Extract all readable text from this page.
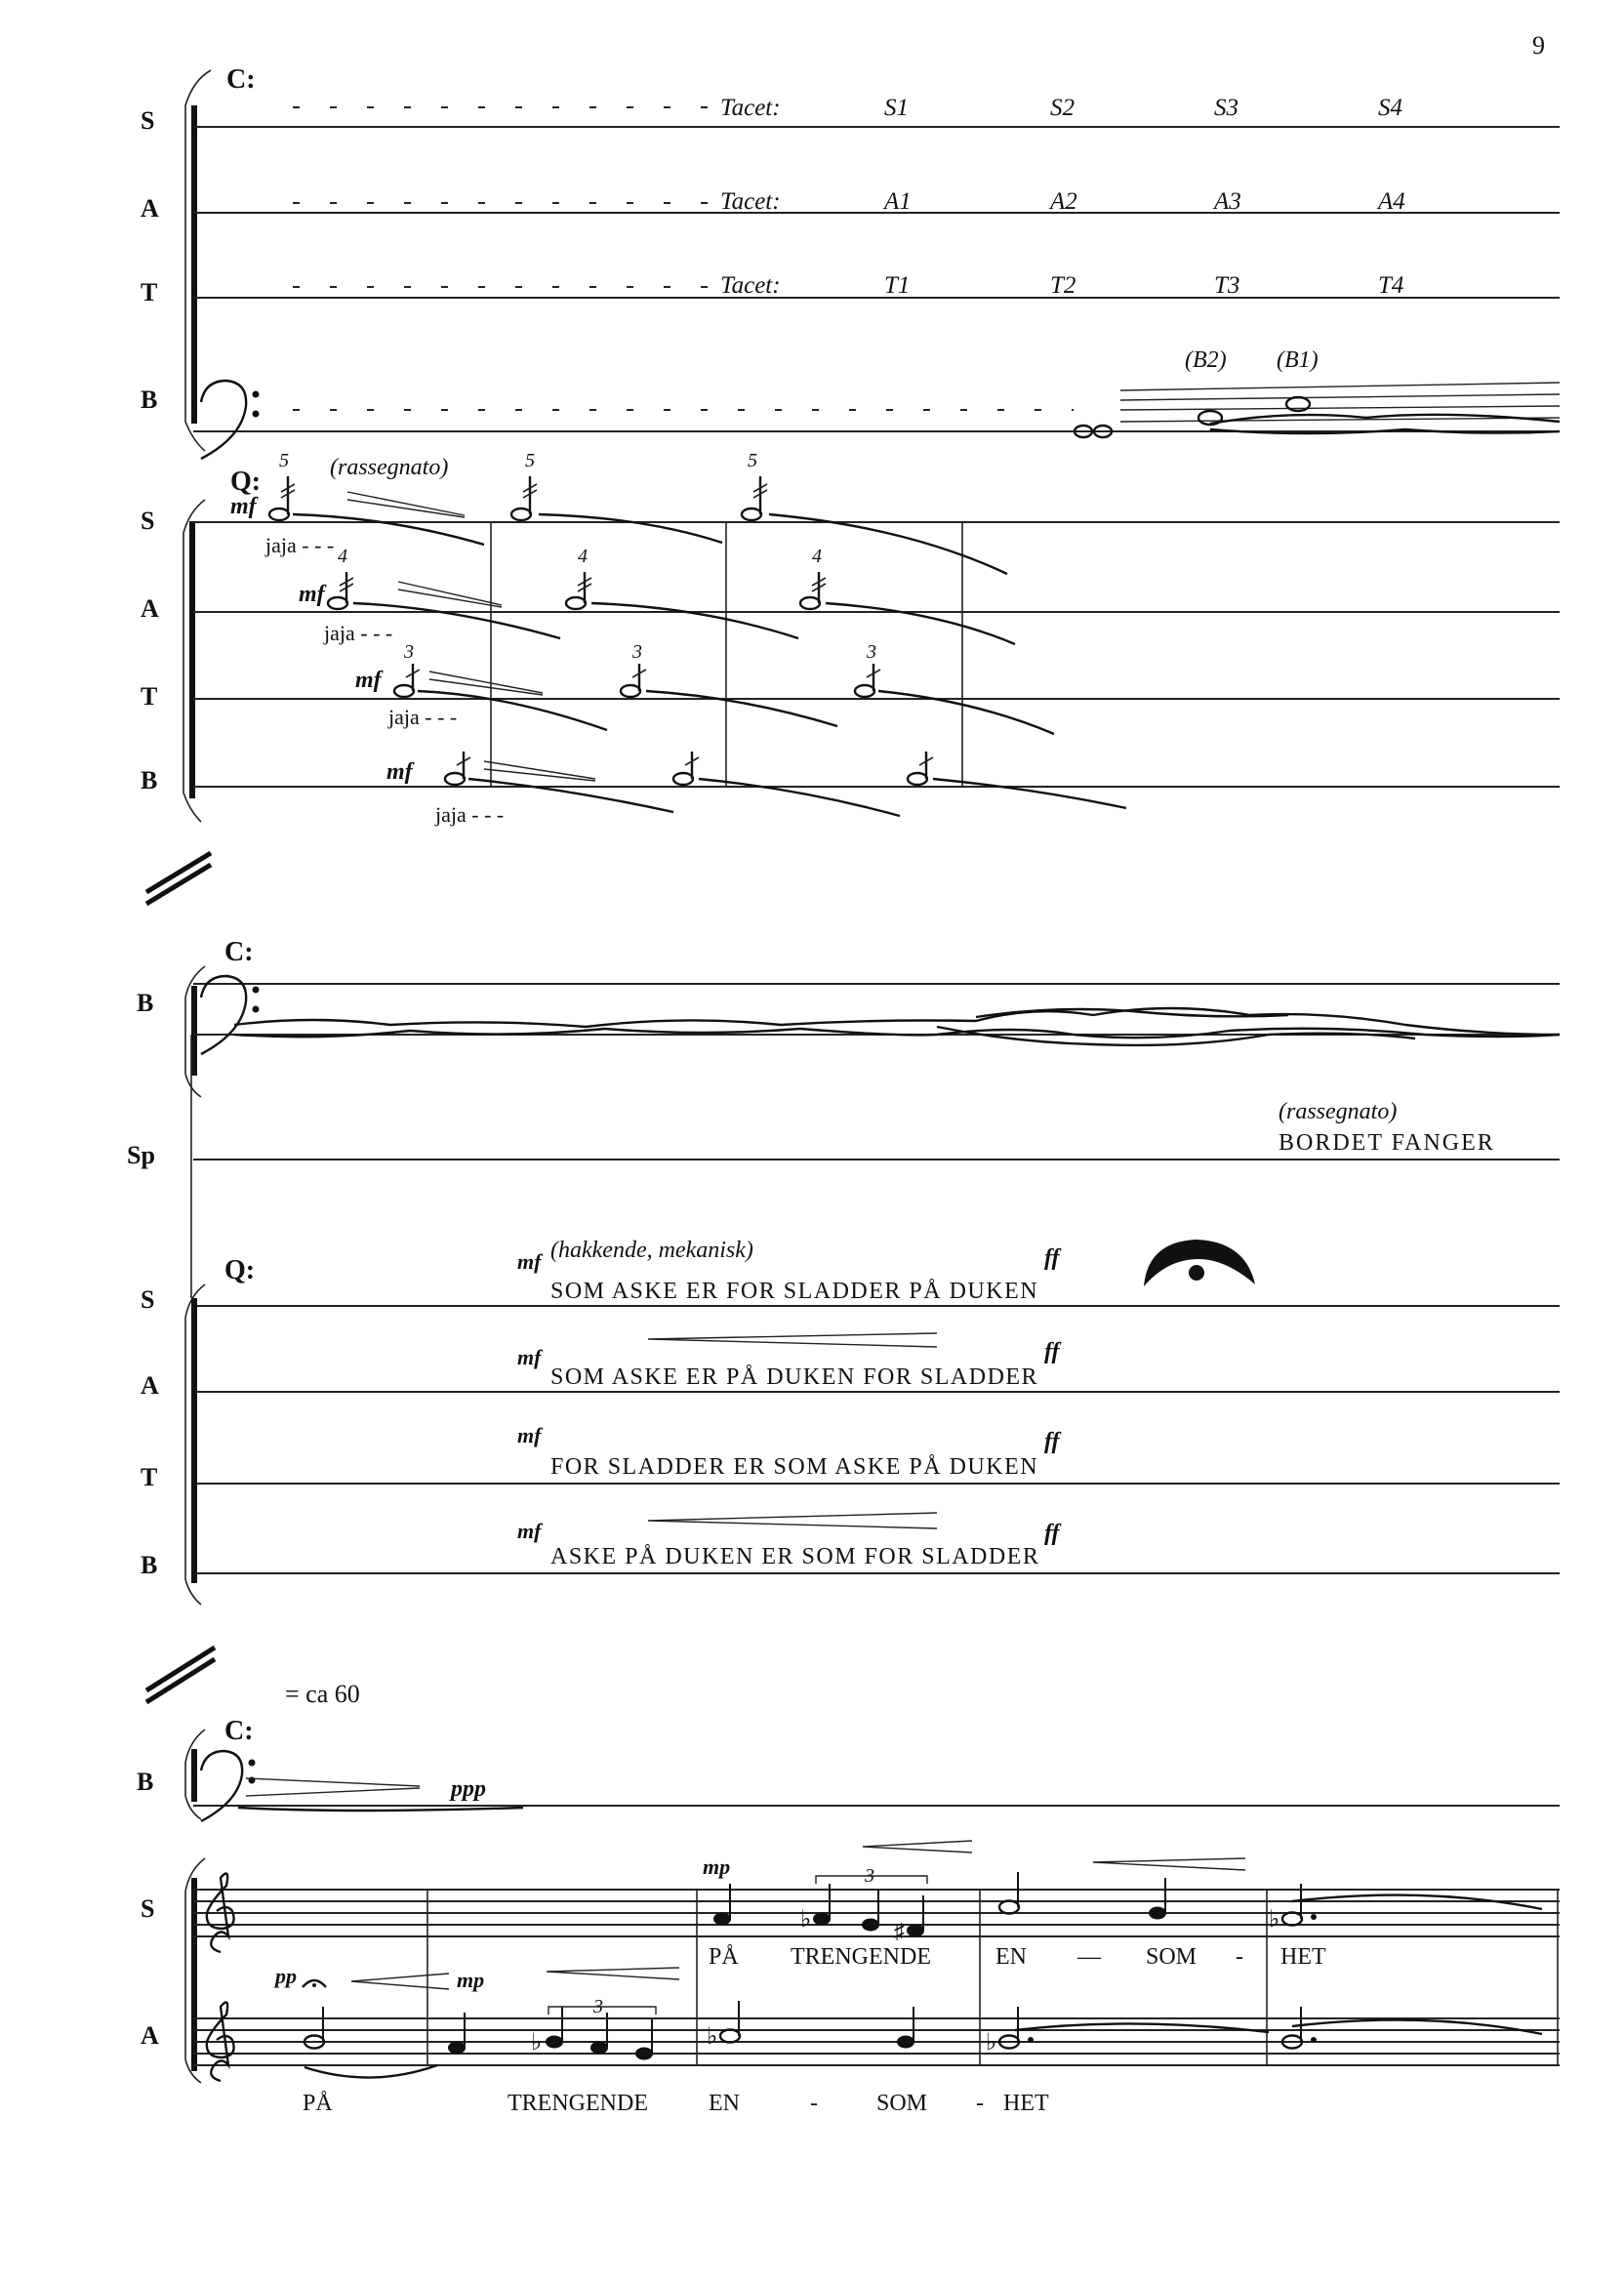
9
C:
S
A
T
B
Tacet:	S1	S2	S3	S4
Tacet:	A1	A2	A3	A4
Tacet:	T1	T2	T3	T4
(B2) (B1)
Q:	(rassegnato)
S
A
T
B
mf
mf
mf
mf
jaja - - -
jaja - - -
jaja - - -
jaja - - -
5	5	5
4	4	4
3	3	3
C:
B
Sp
(rassegnato)
BORDET FANGER
Q:
S
A
T
B
(hakkende, mekanisk)
mf
mf
mf
mf
ff
ff
ff
ff
SOM ASKE ER FOR SLADDER PÅ DUKEN
SOM ASKE ER PÅ DUKEN FOR SLADDER
FOR SLADDER ER SOM ASKE PÅ DUKEN
ASKE PÅ DUKEN ER SOM FOR SLADDER
= ca 60
C:
B	ppp
S
A
♭	♭
♯
mp	3
♭	♭	♭
pp	mp
3
PÅ TRENGENDE	EN — SOM - HET
PÅ	TRENGENDE	EN	-	SOM - HET
